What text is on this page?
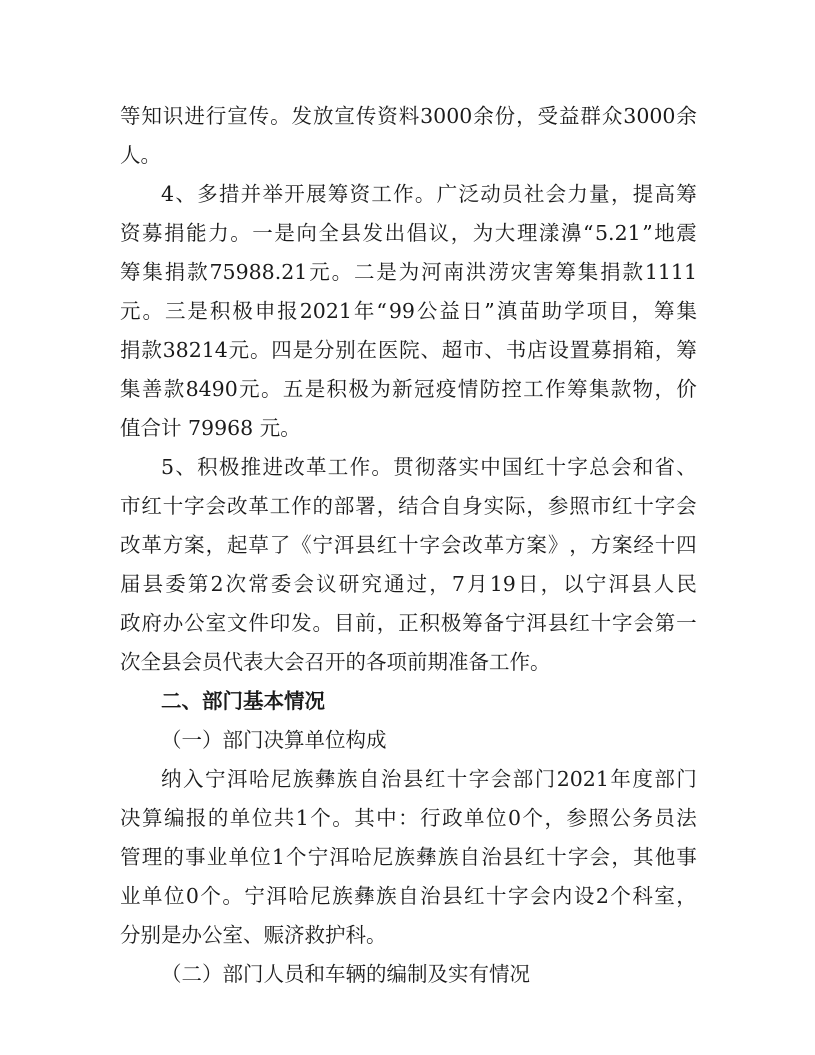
等 知 识 进 行 宣 传 。 发 放 宣 传 资 料 3000 余 份 ， 受 益 群 众 3000 余

人。

4 、 多 措 并 举 开 展 筹 资 工 作 。 广 泛 动 员 社 会 力 量 ， 提 高 筹

资 募 捐 能 力 。 一 是 向 全 县 发 出 倡 议 ， 为 大 理 漾 濞 “ 5.21 ” 地 震

筹 集 捐 款 75988.21 元 。 二 是 为 河 南 洪 涝 灾 害 筹 集 捐 款 1111

元 。 三 是 积 极 申 报 2021 年 “ 99 公 益 日 ” 滇 苗 助 学 项 目 ， 筹 集

捐 款 38214 元 。 四 是 分 别 在 医 院 、 超 市 、 书 店 设 置 募 捐 箱 ， 筹

集 善 款 8490 元 。 五 是 积 极 为 新 冠 疫 情 防 控 工 作 筹 集 款 物 ， 价

值合计 79968 元。

5 、 积 极 推 进 改 革 工 作 。 贯 彻 落 实 中 国 红 十 字 总 会 和 省 、

市 红 十 字 会 改 革 工 作 的 部 署 ， 结 合 自 身 实 际 ， 参 照 市 红 十 字 会

改 革 方 案 ， 起 草 了 《 宁 洱 县 红 十 字 会 改 革 方 案 》 ， 方 案 经 十 四

届 县 委 第 2 次 常 委 会 议 研 究 通 过 ， 7 月 19 日 ， 以 宁 洱 县 人 民

政 府 办 公 室 文 件 印 发 。 目 前 ， 正 积 极 筹 备 宁 洱 县 红 十 字 会 第 一

次全县会员代表大会召开的各项前期准备工作。

二、部门基本情况

（一）部门决算单位构成

纳 入 宁 洱 哈 尼 族 彝 族 自 治 县 红 十 字 会 部 门 2021 年 度 部 门

决 算 编 报 的 单 位 共 1 个 。 其 中 ： 行 政 单 位 0 个 ， 参 照 公 务 员 法

管 理 的 事 业 单 位 1 个 宁 洱 哈 尼 族 彝 族 自 治 县 红 十 字 会 ， 其 他 事

业 单 位 0 个 。 宁 洱 哈 尼 族 彝 族 自 治 县 红 十 字 会 内 设 2 个 科 室 ，

分别是办公室、赈济救护科。

（二）部门人员和车辆的编制及实有情况
